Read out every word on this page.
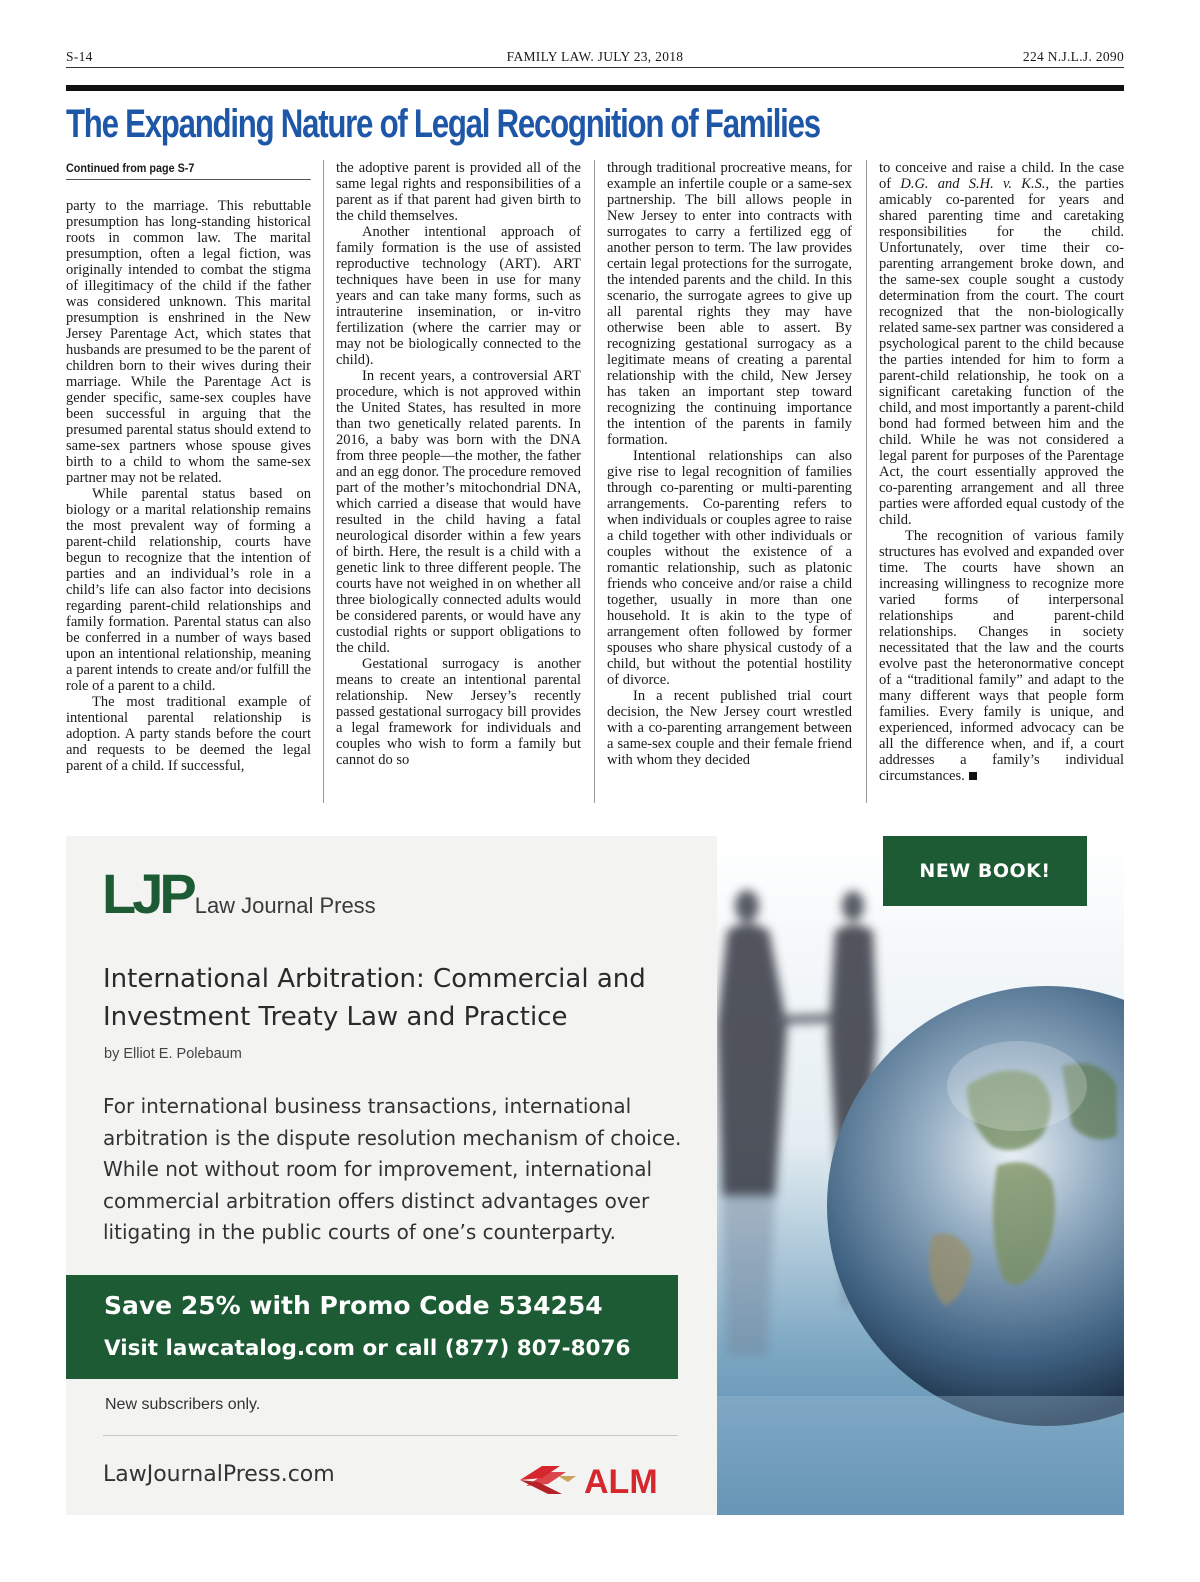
S-14	FAMILY LAW. JULY 23, 2018	224 N.J.L.J. 2090
The Expanding Nature of Legal Recognition of Families
Continued from page S-7

party to the marriage. This rebuttable presumption has long-standing historical roots in common law. The marital presumption, often a legal fiction, was originally intended to combat the stigma of illegitimacy of the child if the father was considered unknown. This marital presumption is enshrined in the New Jersey Parentage Act, which states that husbands are presumed to be the parent of children born to their wives during their marriage. While the Parentage Act is gender specific, same-sex couples have been successful in arguing that the presumed parental status should extend to same-sex partners whose spouse gives birth to a child to whom the same-sex partner may not be related.

While parental status based on biology or a marital relationship remains the most prevalent way of forming a parent-child relationship, courts have begun to recognize that the intention of parties and an individual’s role in a child’s life can also factor into decisions regarding parent-child relationships and family formation. Parental status can also be conferred in a number of ways based upon an intentional relationship, meaning a parent intends to create and/or fulfill the role of a parent to a child.

The most traditional example of intentional parental relationship is adoption. A party stands before the court and requests to be deemed the legal parent of a child. If successful,

the adoptive parent is provided all of the same legal rights and responsibilities of a parent as if that parent had given birth to the child themselves.

Another intentional approach of family formation is the use of assisted reproductive technology (ART). ART techniques have been in use for many years and can take many forms, such as intrauterine insemination, or in-vitro fertilization (where the carrier may or may not be biologically connected to the child).

In recent years, a controversial ART procedure, which is not approved within the United States, has resulted in more than two genetically related parents. In 2016, a baby was born with the DNA from three people—the mother, the father and an egg donor. The procedure removed part of the mother’s mitochondrial DNA, which carried a disease that would have resulted in the child having a fatal neurological disorder within a few years of birth. Here, the result is a child with a genetic link to three different people. The courts have not weighed in on whether all three biologically connected adults would be considered parents, or would have any custodial rights or support obligations to the child.

Gestational surrogacy is another means to create an intentional parental relationship. New Jersey’s recently passed gestational surrogacy bill provides a legal framework for individuals and couples who wish to form a family but cannot do so

through traditional procreative means, for example an infertile couple or a same-sex partnership. The bill allows people in New Jersey to enter into contracts with surrogates to carry a fertilized egg of another person to term. The law provides certain legal protections for the surrogate, the intended parents and the child. In this scenario, the surrogate agrees to give up all parental rights they may have otherwise been able to assert. By recognizing gestational surrogacy as a legitimate means of creating a parental relationship with the child, New Jersey has taken an important step toward recognizing the continuing importance the intention of the parents in family formation.

Intentional relationships can also give rise to legal recognition of families through co-parenting or multi-parenting arrangements. Co-parenting refers to when individuals or couples agree to raise a child together with other individuals or couples without the existence of a romantic relationship, such as platonic friends who conceive and/or raise a child together, usually in more than one household. It is akin to the type of arrangement often followed by former spouses who share physical custody of a child, but without the potential hostility of divorce.

In a recent published trial court decision, the New Jersey court wrestled with a co-parenting arrangement between a same-sex couple and their female friend with whom they decided

to conceive and raise a child. In the case of D.G. and S.H. v. K.S., the parties amicably co-parented for years and shared parenting time and caretaking responsibilities for the child. Unfortunately, over time their co-parenting arrangement broke down, and the same-sex couple sought a custody determination from the court. The court recognized that the non-biologically related same-sex partner was considered a psychological parent to the child because the parties intended for him to form a parent-child relationship, he took on a significant caretaking function of the child, and most importantly a parent-child bond had formed between him and the child. While he was not considered a legal parent for purposes of the Parentage Act, the court essentially approved the co-parenting arrangement and all three parties were afforded equal custody of the child.

The recognition of various family structures has evolved and expanded over time. The courts have shown an increasing willingness to recognize more varied forms of interpersonal relationships and parent-child relationships. Changes in society necessitated that the law and the courts evolve past the heteronormative concept of a “traditional family” and adapt to the many different ways that people form families. Every family is unique, and experienced, informed advocacy can be all the difference when, and if, a court addresses a family’s individual circumstances.

LJPLaw Journal Press
International Arbitration: Commercial and
Investment Treaty Law and Practice
by Elliot E. Polebaum

For international business transactions, international arbitration is the dispute resolution mechanism of choice. While not without room for improvement, international commercial arbitration offers distinct advantages over litigating in the public courts of one’s counterparty.

Save 25% with Promo Code 534254
Visit lawcatalog.com or call (877) 807-8076
New subscribers only.
LawJournalPress.com	ALM
NEW BOOK!
